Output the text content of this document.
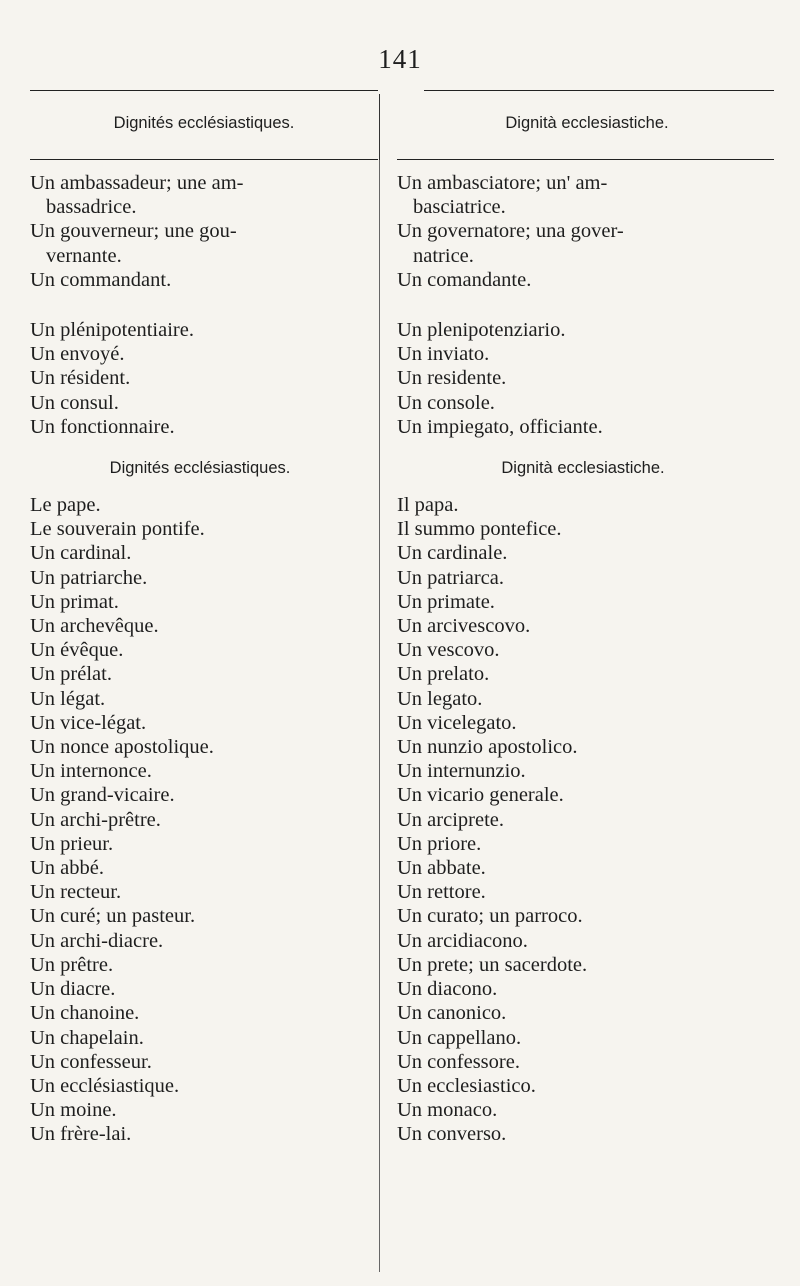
141
Dignités ecclésiastiques.	Dignità ecclesiastiche.
Un ambassadeur; une am-
bassadrice.
Un gouverneur; une gou-
vernante.
Un commandant.
Un plénipotentiaire.
Un envoyé.
Un résident.
Un consul.
Un fonctionnaire.
Dignités ecclésiastiques.
Le pape.
Le souverain pontife.
Un cardinal.
Un patriarche.
Un primat.
Un archevêque.
Un évêque.
Un prélat.
Un légat.
Un vice-légat.
Un nonce apostolique.
Un internonce.
Un grand-vicaire.
Un archi-prêtre.
Un prieur.
Un abbé.
Un recteur.
Un curé; un pasteur.
Un archi-diacre.
Un prêtre.
Un diacre.
Un chanoine.
Un chapelain.
Un confesseur.
Un ecclésiastique.
Un moine.
Un frère-lai.
Un ambasciatore; un' am-
basciatrice.
Un governatore; una gover-
natrice.
Un comandante.
Un plenipotenziario.
Un inviato.
Un residente.
Un console.
Un impiegato, officiante.
Dignità ecclesiastiche.
Il papa.
Il summo pontefice.
Un cardinale.
Un patriarca.
Un primate.
Un arcivescovo.
Un vescovo.
Un prelato.
Un legato.
Un vicelegato.
Un nunzio apostolico.
Un internunzio.
Un vicario generale.
Un arciprete.
Un priore.
Un abbate.
Un rettore.
Un curato; un parroco.
Un arcidiacono.
Un prete; un sacerdote.
Un diacono.
Un canonico.
Un cappellano.
Un confessore.
Un ecclesiastico.
Un monaco.
Un converso.
